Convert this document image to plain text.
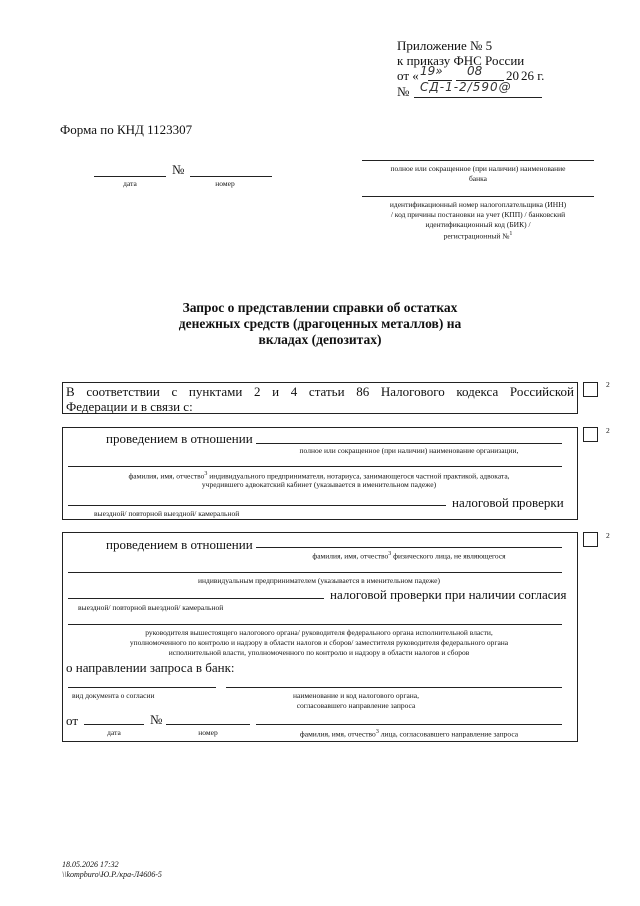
Приложение № 5
к приказу ФНС России
от « 19» 08 20 26 г.
№ СД-1-2/590@
Форма по КНД 1123307
№
дата	номер
полное или сокращенное (при наличии) наименование
банка
идентификационный номер налогоплательщика (ИНН)
/ код причины постановки на учет (КПП) / банковский
идентификационный код (БИК) /
регистрационный №$^1$
Запрос о представлении справки об остатках
денежных средств (драгоценных металлов) на
вкладах (депозитах)
В соответствии с пунктами 2 и 4 статьи 86 Налогового кодекса Российской
Федерации и в связи с:
2
проведением в отношении
полное или сокращенное (при наличии) наименование организации,
фамилия, имя, отчество$^3$ индивидуального предпринимателя, нотариуса, занимающегося частной практикой, адвоката,
учредившего адвокатский кабинет (указывается в именительном падеже)
налоговой проверки
выездной/ повторной выездной/ камеральной
2
проведением в отношении
фамилия, имя, отчество$^3$ физического лица, не являющегося
индивидуальным предпринимателем (указывается в именительном падеже)
налоговой проверки при наличии согласия
выездной/ повторной выездной/ камеральной
руководителя вышестоящего налогового органа/ руководителя федерального органа исполнительной власти,
уполномоченного по контролю и надзору в области налогов и сборов/ заместителя руководителя федерального органа
исполнительной власти, уполномоченного по контролю и надзору в области налогов и сборов
о направлении запроса в банк:
вид документа о согласии	наименование и код налогового органа,
согласовавшего направление запроса
от	№
дата	номер	фамилия, имя, отчество$^3$ лица, согласовавшего направление запроса
2
18.05.2026 17:32
\\kompburo\Ю.Р./кра-Л4606-5
